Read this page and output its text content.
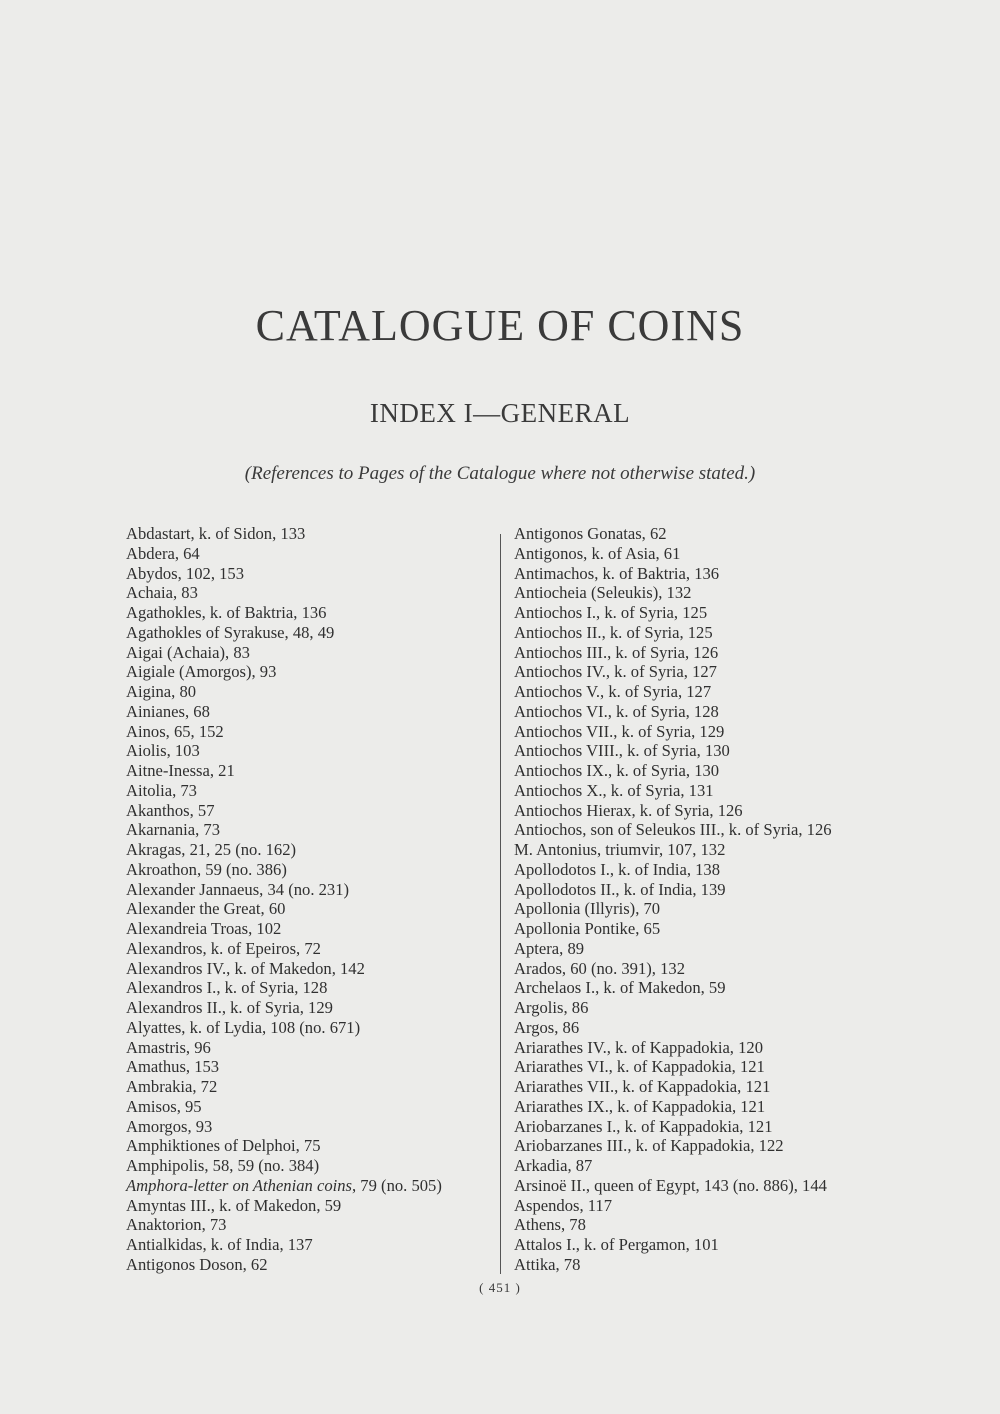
CATALOGUE OF COINS
INDEX I—GENERAL
(References to Pages of the Catalogue where not otherwise stated.)
Abdastart, k. of Sidon, 133
Abdera, 64
Abydos, 102, 153
Achaia, 83
Agathokles, k. of Baktria, 136
Agathokles of Syrakuse, 48, 49
Aigai (Achaia), 83
Aigiale (Amorgos), 93
Aigina, 80
Ainianes, 68
Ainos, 65, 152
Aiolis, 103
Aitne-Inessa, 21
Aitolia, 73
Akanthos, 57
Akarnania, 73
Akragas, 21, 25 (no. 162)
Akroathon, 59 (no. 386)
Alexander Jannaeus, 34 (no. 231)
Alexander the Great, 60
Alexandreia Troas, 102
Alexandros, k. of Epeiros, 72
Alexandros IV., k. of Makedon, 142
Alexandros I., k. of Syria, 128
Alexandros II., k. of Syria, 129
Alyattes, k. of Lydia, 108 (no. 671)
Amastris, 96
Amathus, 153
Ambrakia, 72
Amisos, 95
Amorgos, 93
Amphiktiones of Delphoi, 75
Amphipolis, 58, 59 (no. 384)
Amphora-letter on Athenian coins, 79 (no. 505)
Amyntas III., k. of Makedon, 59
Anaktorion, 73
Antialkidas, k. of India, 137
Antigonos Doson, 62
Antigonos Gonatas, 62
Antigonos, k. of Asia, 61
Antimachos, k. of Baktria, 136
Antiocheia (Seleukis), 132
Antiochos I., k. of Syria, 125
Antiochos II., k. of Syria, 125
Antiochos III., k. of Syria, 126
Antiochos IV., k. of Syria, 127
Antiochos V., k. of Syria, 127
Antiochos VI., k. of Syria, 128
Antiochos VII., k. of Syria, 129
Antiochos VIII., k. of Syria, 130
Antiochos IX., k. of Syria, 130
Antiochos X., k. of Syria, 131
Antiochos Hierax, k. of Syria, 126
Antiochos, son of Seleukos III., k. of Syria, 126
M. Antonius, triumvir, 107, 132
Apollodotos I., k. of India, 138
Apollodotos II., k. of India, 139
Apollonia (Illyris), 70
Apollonia Pontike, 65
Aptera, 89
Arados, 60 (no. 391), 132
Archelaos I., k. of Makedon, 59
Argolis, 86
Argos, 86
Ariarathes IV., k. of Kappadokia, 120
Ariarathes VI., k. of Kappadokia, 121
Ariarathes VII., k. of Kappadokia, 121
Ariarathes IX., k. of Kappadokia, 121
Ariobarzanes I., k. of Kappadokia, 121
Ariobarzanes III., k. of Kappadokia, 122
Arkadia, 87
Arsinoë II., queen of Egypt, 143 (no. 886), 144
Aspendos, 117
Athens, 78
Attalos I., k. of Pergamon, 101
Attika, 78
( 451 )
